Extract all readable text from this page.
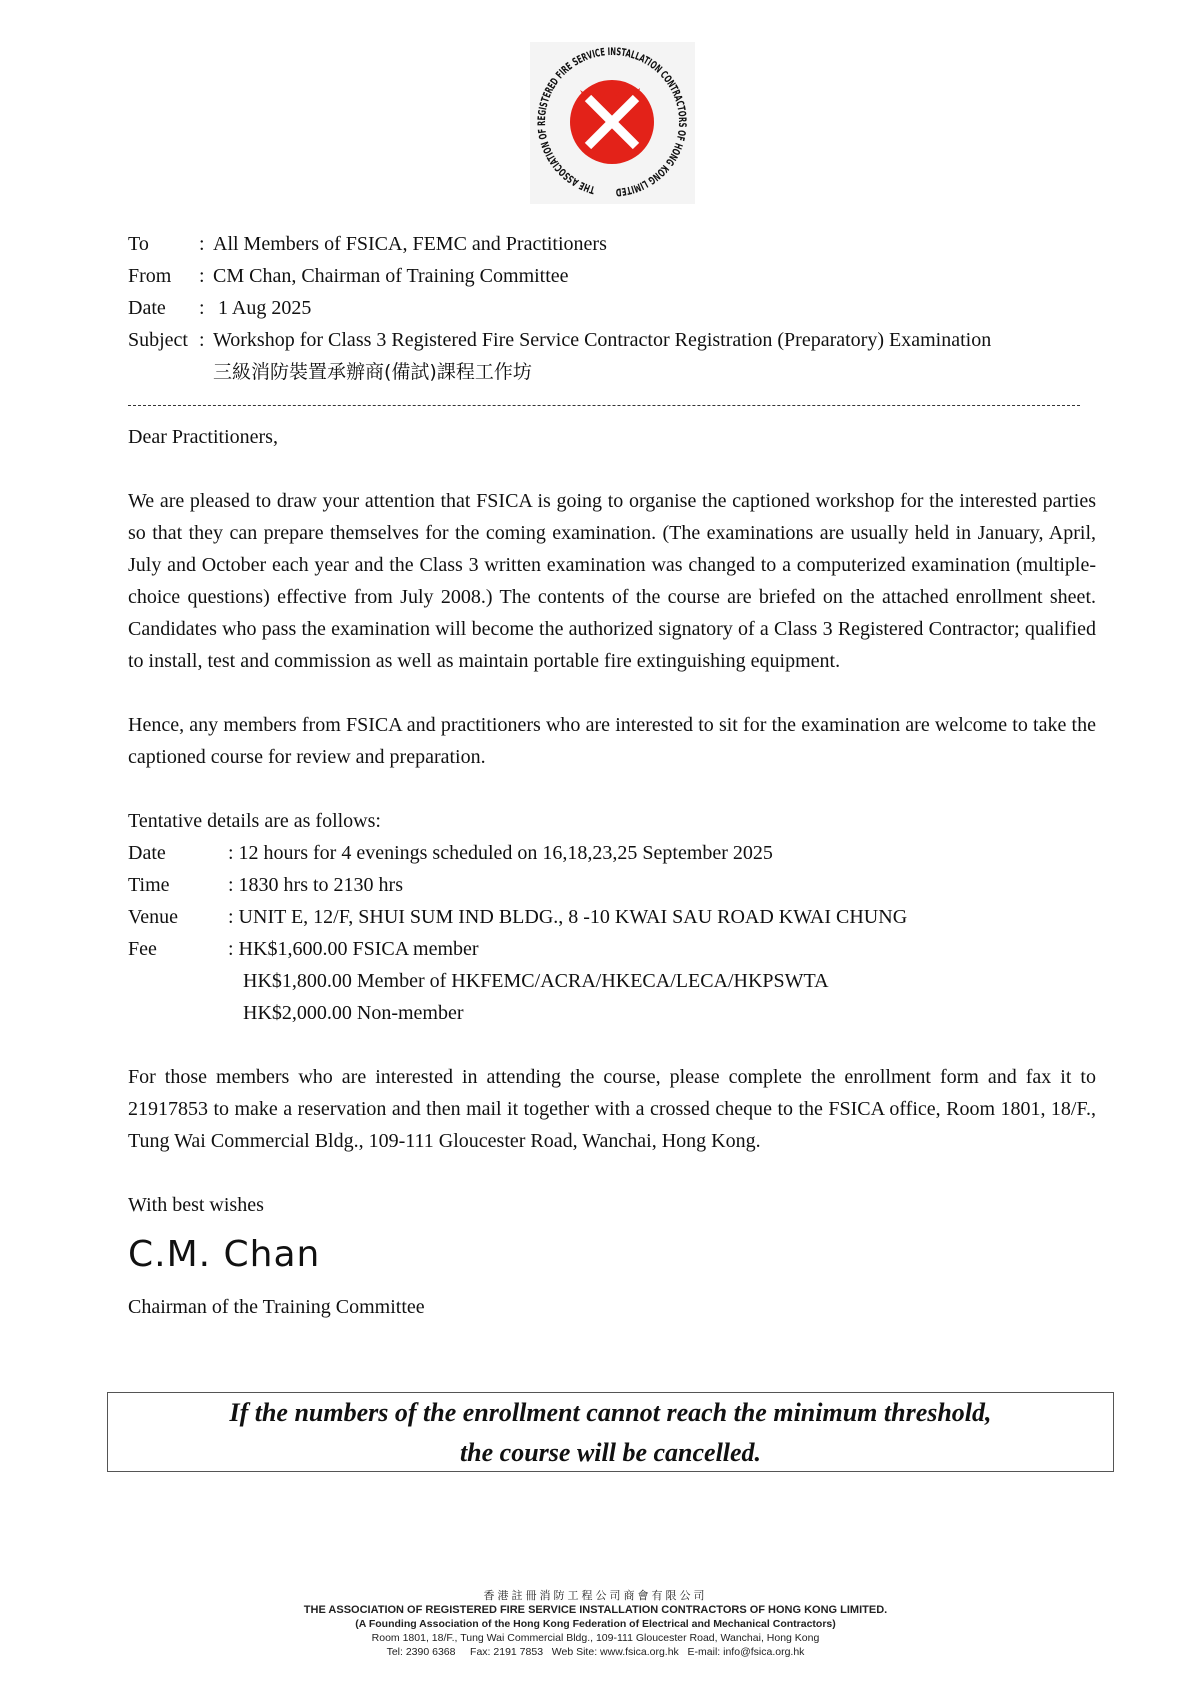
THE ASSOCIATION OF REGISTERED FIRE SERVICE INSTALLATION CONTRACTORS OF HONG KONG LIMITED
To	: All Members of FSICA, FEMC and Practitioners
From	: CM Chan, Chairman of Training Committee
Date	: 1 Aug 2025
Subject : Workshop for Class 3 Registered Fire Service Contractor Registration (Preparatory) Examination
三級消防裝置承辦商(備試)課程工作坊
Dear Practitioners,

We are pleased to draw your attention that FSICA is going to organise the captioned workshop for the interested parties so that they can prepare themselves for the coming examination. (The examinations are usually held in January, April, July and October each year and the Class 3 written examination was changed to a computerized examination (multiple-choice questions) effective from July 2008.) The contents of the course are briefed on the attached enrollment sheet. Candidates who pass the examination will become the authorized signatory of a Class 3 Registered Contractor; qualified to install, test and commission as well as maintain portable fire extinguishing equipment.

Hence, any members from FSICA and practitioners who are interested to sit for the examination are welcome to take the captioned course for review and preparation.

Tentative details are as follows:
Date	: 12 hours for 4 evenings scheduled on 16,18,23,25 September 2025
Time	: 1830 hrs to 2130 hrs
Venue	: UNIT E, 12/F, SHUI SUM IND BLDG., 8 -10 KWAI SAU ROAD KWAI CHUNG
Fee	: HK$1,600.00 FSICA member
HK$1,800.00 Member of HKFEMC/ACRA/HKECA/LECA/HKPSWTA
HK$2,000.00 Non-member

For those members who are interested in attending the course, please complete the enrollment form and fax it to 21917853 to make a reservation and then mail it together with a crossed cheque to the FSICA office, Room 1801, 18/F., Tung Wai Commercial Bldg., 109-111 Gloucester Road, Wanchai, Hong Kong.

With best wishes
C.M. Chan
Chairman of the Training Committee
If the numbers of the enrollment cannot reach the minimum threshold,
the course will be cancelled.
香港註冊消防工程公司商會有限公司
THE ASSOCIATION OF REGISTERED FIRE SERVICE INSTALLATION CONTRACTORS OF HONG KONG LIMITED.
(A Founding Association of the Hong Kong Federation of Electrical and Mechanical Contractors)
Room 1801, 18/F., Tung Wai Commercial Bldg., 109-111 Gloucester Road, Wanchai, Hong Kong
Tel: 2390 6368     Fax: 2191 7853   Web Site: www.fsica.org.hk   E-mail: info@fsica.org.hk
